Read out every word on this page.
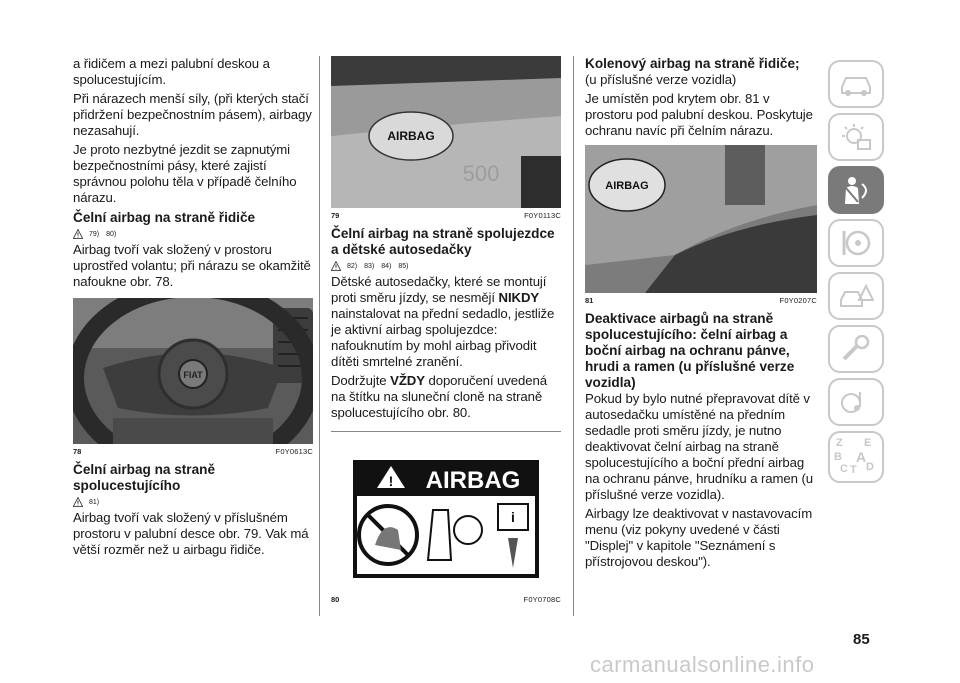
a řidičem a mezi palubní deskou a spolucestujícím.

Při nárazech menší síly, (při kterých stačí přidržení bezpečnostním pásem), airbagy nezasahují.

Je proto nezbytné jezdit se zapnutými bezpečnostními pásy, které zajistí správnou polohu těla v případě čelního nárazu.

Čelní airbag na straně řidiče
79) 80)

Airbag tvoří vak složený v prostoru uprostřed volantu; při nárazu se okamžitě nafoukne obr. 78.

FIAT
78	F0Y0613C
Čelní airbag na straně spolucestujícího
81)

Airbag tvoří vak složený v příslušném prostoru v palubní desce obr. 79. Vak má větší rozměr než u airbagu řidiče.

AIRBAG
500
79	F0Y0113C
Čelní airbag na straně spolujezdce a dětské autosedačky
82) 83) 84) 85)

Dětské autosedačky, které se montují proti směru jízdy, se nesmějí NIKDY nainstalovat na přední sedadlo, jestliže je aktivní airbag spolujezdce: nafouknutím by mohl airbag přivodit dítěti smrtelné zranění.

Dodržujte VŽDY doporučení uvedená na štítku na sluneční cloně na straně spolucestujícího obr. 80.

! AIRBAG
i
80	F0Y0708C
Kolenový airbag na straně řidiče;

(u příslušné verze vozidla)

Je umístěn pod krytem obr. 81 v prostoru pod palubní deskou. Poskytuje ochranu navíc při čelním nárazu.

AIRBAG
81	F0Y0207C
Deaktivace airbagů na straně spolucestujícího: čelní airbag a boční airbag na ochranu pánve, hrudi a ramen (u příslušné verze vozidla)

Pokud by bylo nutné přepravovat dítě v autosedačku umístěné na předním sedadle proti směru jízdy, je nutno deaktivovat čelní airbag na straně spolucestujícího a boční přední airbag na ochranu pánve, hrudníku a ramen (u příslušné verze vozidla).

Airbagy lze deaktivovat v nastavovacím menu (viz pokyny uvedené v části "Displej" v kapitole "Seznámení s přístrojovou deskou").

Z E
B A
C T D
85
carmanualsonline.info
